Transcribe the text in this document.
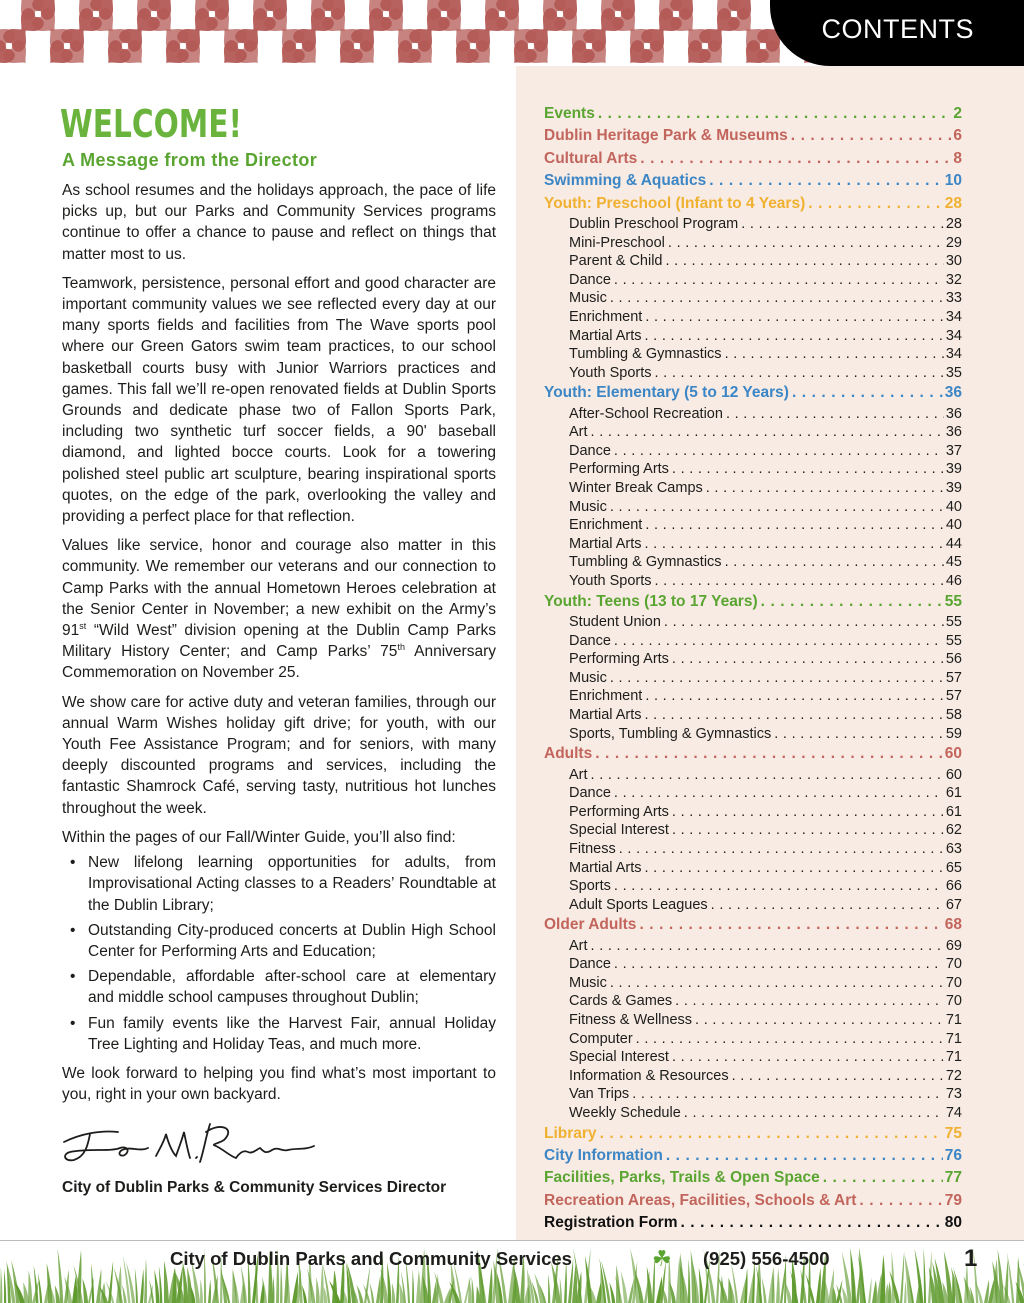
CONTENTS
Events . . .	2
Dublin Heritage Park & Museums . . .	6
Cultural Arts . . .	8
Swimming & Aquatics . . .	10
Youth: Preschool (Infant to 4 Years) . . .	28
Dublin Preschool Program . . .	28
Mini-Preschool . . .	29
Parent & Child . . .	30
Dance . . .	32
Music . . .	33
Enrichment . . .	34
Martial Arts . . .	34
Tumbling & Gymnastics . . .	34
Youth Sports . . .	35
Youth: Elementary (5 to 12 Years) . . .	36
After-School Recreation . . .	36
Art . . .	36
Dance . . .	37
Performing Arts . . .	39
Winter Break Camps . . .	39
Music . . .	40
Enrichment . . .	40
Martial Arts . . .	44
Tumbling & Gymnastics . . .	45
Youth Sports . . .	46
Youth: Teens (13 to 17 Years) . . .	55
Student Union . . .	55
Dance . . .	55
Performing Arts . . .	56
Music . . .	57
Enrichment . . .	57
Martial Arts . . .	58
Sports, Tumbling & Gymnastics . . .	59
Adults . . .	60
Art . . .	60
Dance . . .	61
Performing Arts . . .	61
Special Interest . . .	62
Fitness . . .	63
Martial Arts . . .	65
Sports . . .	66
Adult Sports Leagues . . .	67
Older Adults . . .	68
Art . . .	69
Dance . . .	70
Music . . .	70
Cards & Games . . .	70
Fitness & Wellness . . .	71
Computer . . .	71
Special Interest . . .	71
Information & Resources . . .	72
Van Trips . . .	73
Weekly Schedule . . .	74
Library . . .	75
City Information . . .	76
Facilities, Parks, Trails & Open Space . . .	77
Recreation Areas, Facilities, Schools & Art . . .	79
Registration Form . . .	80
WELCOME!
A Message from the Director

As school resumes and the holidays approach, the pace of life picks up, but our Parks and Community Services programs continue to offer a chance to pause and reflect on things that matter most to us.

Teamwork, persistence, personal effort and good character are important community values we see reflected every day at our many sports fields and facilities from The Wave sports pool where our Green Gators swim team practices, to our school basketball courts busy with Junior Warriors practices and games. This fall we’ll re-open renovated fields at Dublin Sports Grounds and dedicate phase two of Fallon Sports Park, including two synthetic turf soccer fields, a 90' baseball diamond, and lighted bocce courts. Look for a towering polished steel public art sculpture, bearing inspirational sports quotes, on the edge of the park, overlooking the valley and providing a perfect place for that reflection.

Values like service, honor and courage also matter in this community. We remember our veterans and our connection to Camp Parks with the annual Hometown Heroes celebration at the Senior Center in November; a new exhibit on the Army’s 91st “Wild West” division opening at the Dublin Camp Parks Military History Center; and Camp Parks’ 75th Anniversary Commemoration on November 25.

We show care for active duty and veteran families, through our annual Warm Wishes holiday gift drive; for youth, with our Youth Fee Assistance Program; and for seniors, with many deeply discounted programs and services, including the fantastic Shamrock Café, serving tasty, nutritious hot lunches throughout the week.

Within the pages of our Fall/Winter Guide, you’ll also find:

• New lifelong learning opportunities for adults, from Improvisational Acting classes to a Readers’ Roundtable at the Dublin Library;
• Outstanding City-produced concerts at Dublin High School Center for Performing Arts and Education;
• Dependable, affordable after-school care at elementary and middle school campuses throughout Dublin;
• Fun family events like the Harvest Fair, annual Holiday Tree Lighting and Holiday Teas, and much more.

We look forward to helping you find what’s most important to you, right in your own backyard.

City of Dublin Parks & Community Services Director
City of Dublin Parks and Community Services	☘ (925) 556-4500	1
